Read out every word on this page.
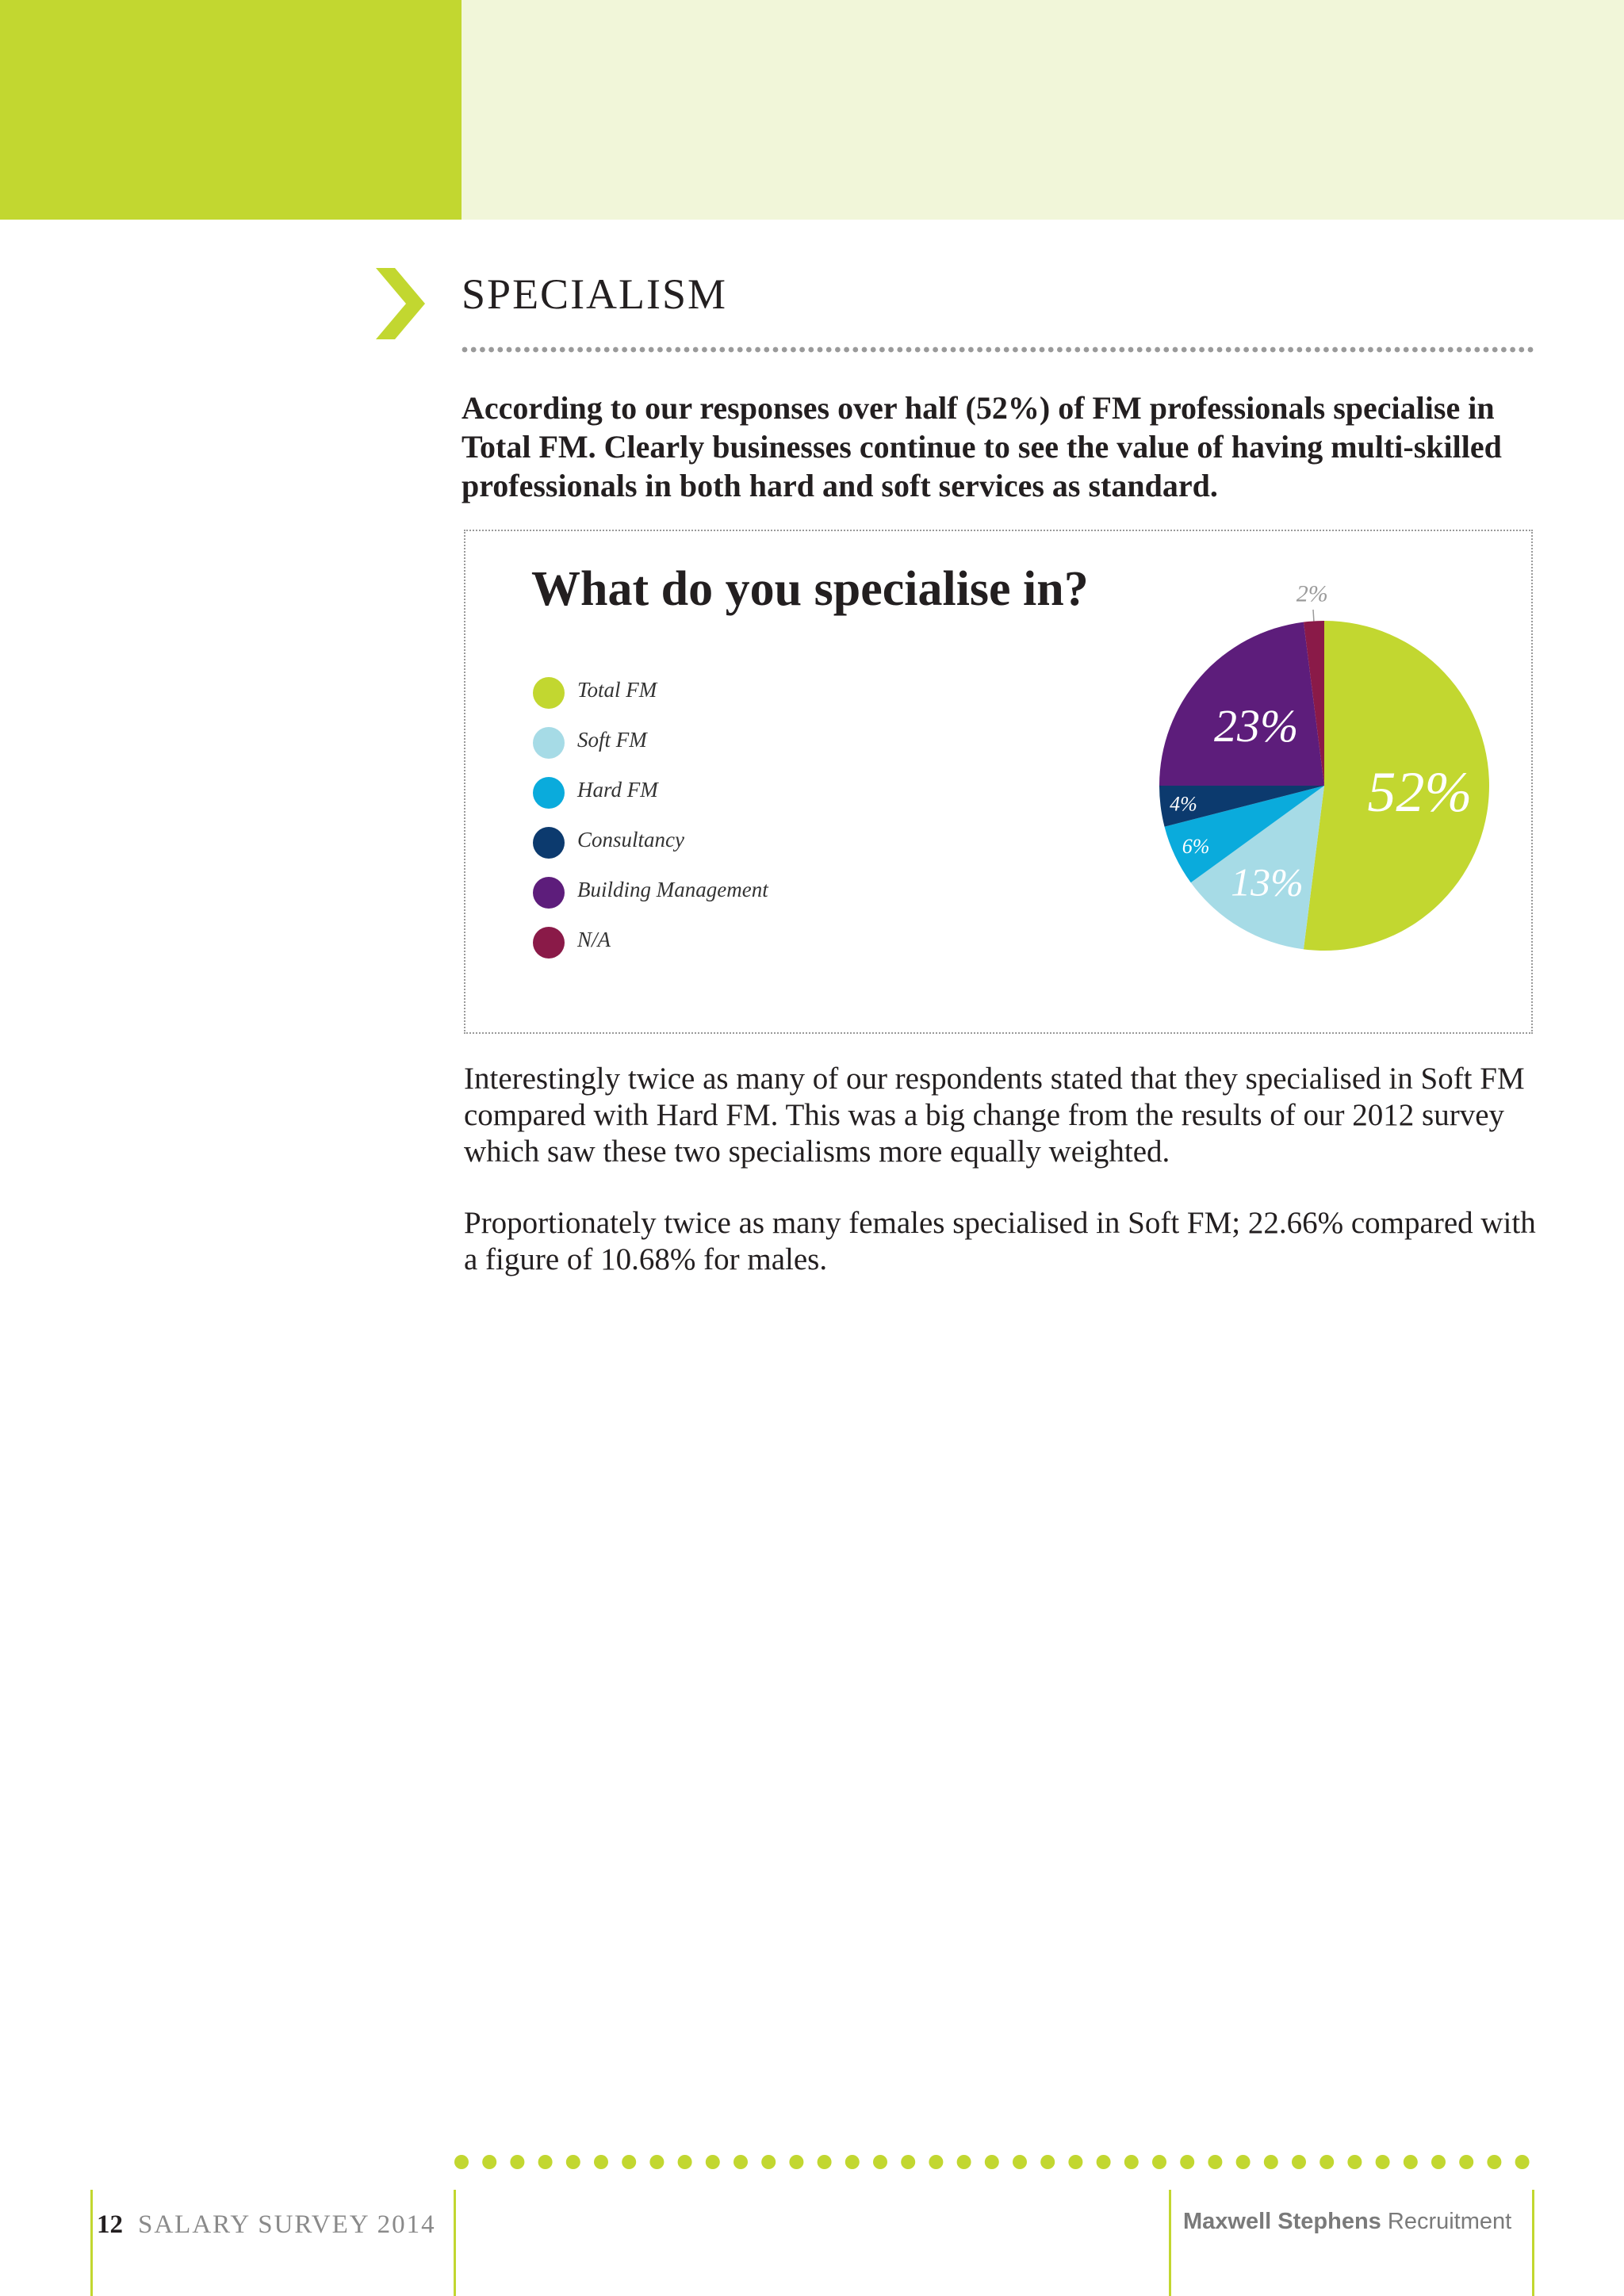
SPECIALISM

According to our responses over half (52%) of FM professionals specialise in Total FM. Clearly businesses continue to see the value of having multi-skilled professionals in both hard and soft services as standard.

What do you specialise in?
Total FM
Soft FM
Hard FM
Consultancy
Building Management
N/A
52%
13%
6%
4%
23%
2%

Interestingly twice as many of our respondents stated that they specialised in Soft FM compared with Hard FM. This was a big change from the results of our 2012 survey which saw these two specialisms more equally weighted.

Proportionately twice as many females specialised in Soft FM; 22.66% compared with a figure of 10.68% for males.

12 SALARY SURVEY 2014	Maxwell Stephens Recruitment
